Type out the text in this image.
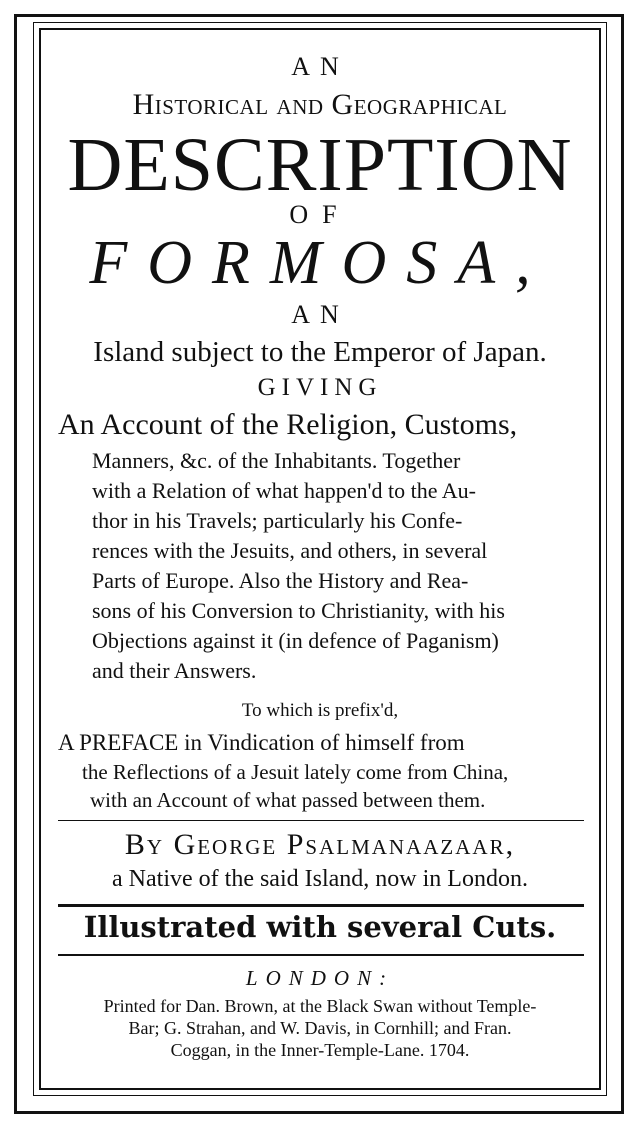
AN
Historical and Geographical
DESCRIPTION
OF
FORMOSA,
AN
Island subject to the Emperor of Japan.
GIVING
An Account of the Religion, Customs,
Manners, &c. of the Inhabitants. Together
with a Relation of what happen'd to the Au-
thor in his Travels; particularly his Confe-
rences with the Jesuits, and others, in several
Parts of Europe. Also the History and Rea-
sons of his Conversion to Christianity, with his
Objections against it (in defence of Paganism)
and their Answers.
To which is prefix'd,
A PREFACE in Vindication of himself from
the Reflections of a Jesuit lately come from China,
with an Account of what passed between them.
By George Psalmanaazaar,
a Native of the said Island, now in London.
Illustrated with several Cuts.
LONDON:
Printed for Dan. Brown, at the Black Swan without Temple-
Bar; G. Strahan, and W. Davis, in Cornhill; and Fran.
Coggan, in the Inner-Temple-Lane. 1704.
